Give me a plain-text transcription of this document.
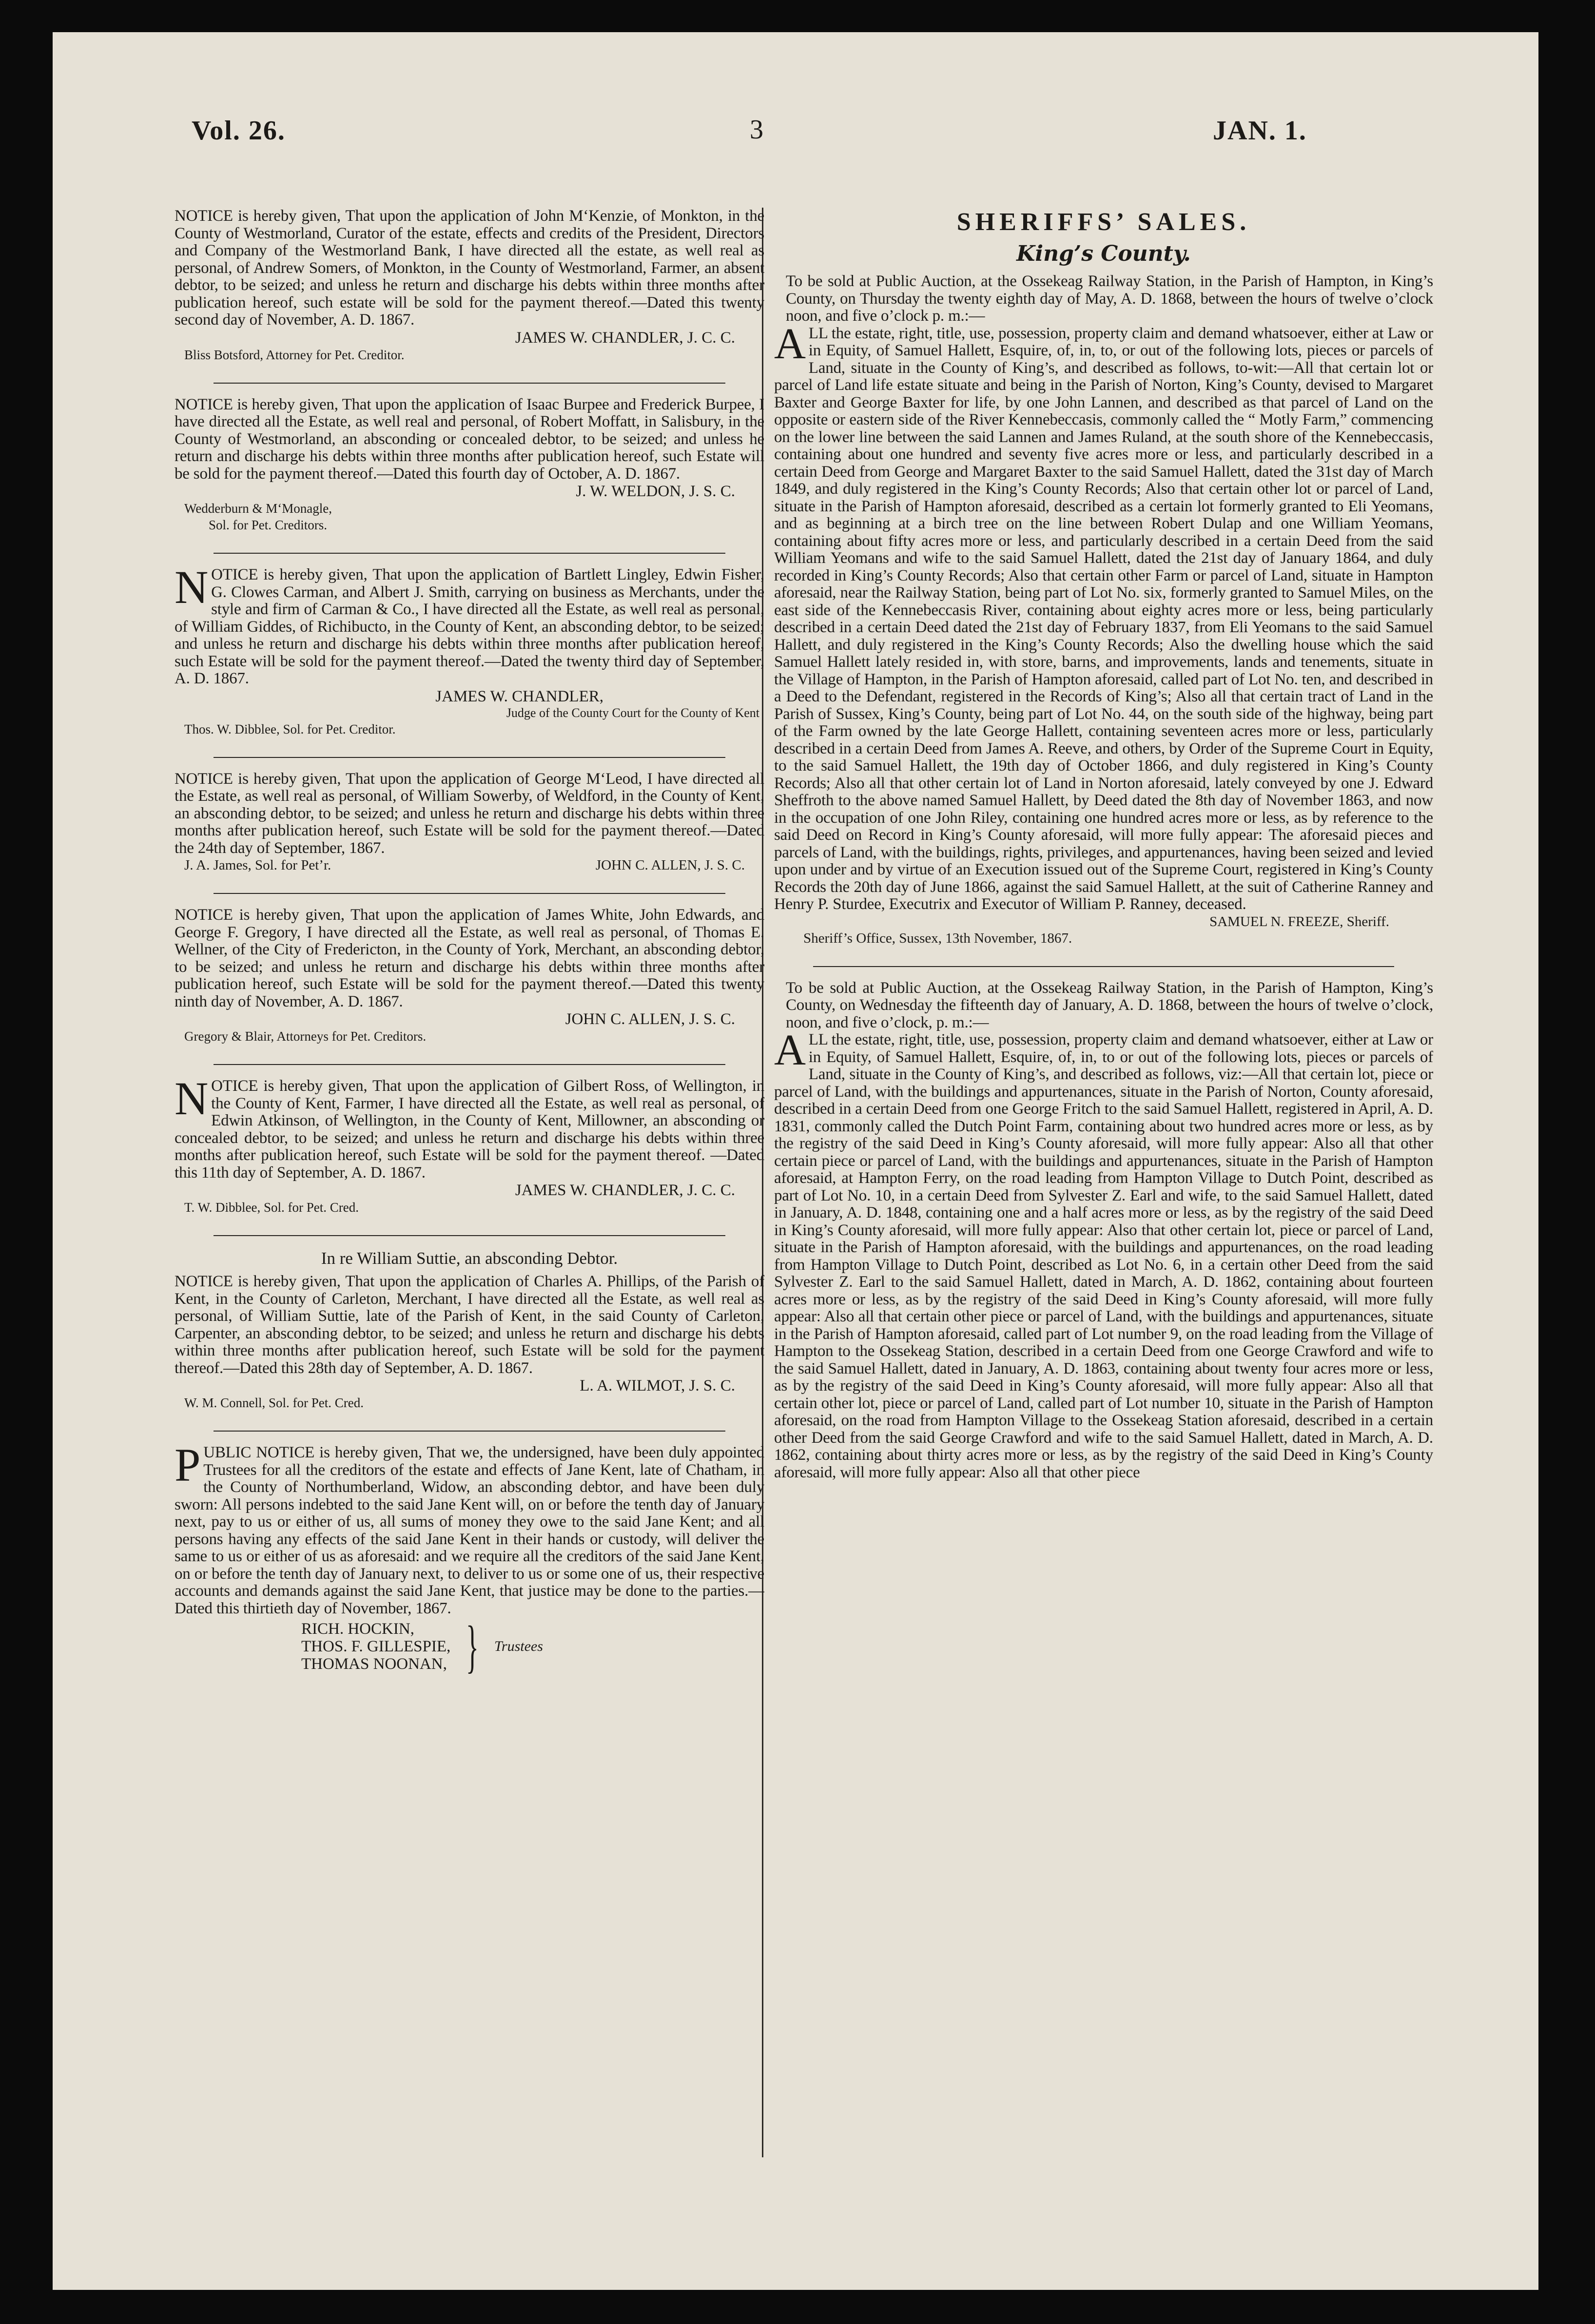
Vol. 26.	3	JAN. 1.

NOTICE is hereby given, That upon the application of John M‘Kenzie, of Monkton, in the County of Westmorland, Curator of the estate, effects and credits of the President, Directors and Company of the Westmorland Bank, I have directed all the estate, as well real as personal, of Andrew Somers, of Monkton, in the County of Westmorland, Farmer, an absent debtor, to be seized; and unless he return and discharge his debts within three months after publication hereof, such estate will be sold for the payment thereof.—Dated this twenty second day of November, A. D. 1867.

JAMES W. CHANDLER, J. C. C.
Bliss Botsford, Attorney for Pet. Creditor.

NOTICE is hereby given, That upon the application of Isaac Burpee and Frederick Burpee, I have directed all the Estate, as well real and personal, of Robert Moffatt, in Salisbury, in the County of Westmorland, an absconding or concealed debtor, to be seized; and unless he return and discharge his debts within three months after publication hereof, such Estate will be sold for the payment thereof.—Dated this fourth day of October, A. D. 1867.

J. W. WELDON, J. S. C.
Wedderburn & M‘Monagle,
Sol. for Pet. Creditors.

NOTICE is hereby given, That upon the application of Bartlett Lingley, Edwin Fisher, G. Clowes Carman, and Albert J. Smith, carrying on business as Merchants, under the style and firm of Carman & Co., I have directed all the Estate, as well real as personal, of William Giddes, of Richibucto, in the County of Kent, an absconding debtor, to be seized; and unless he return and discharge his debts within three months after publication hereof, such Estate will be sold for the payment thereof.—Dated the twenty third day of September, A. D. 1867.

JAMES W. CHANDLER,
Judge of the County Court for the County of Kent
Thos. W. Dibblee, Sol. for Pet. Creditor.

NOTICE is hereby given, That upon the application of George M‘Leod, I have directed all the Estate, as well real as personal, of William Sowerby, of Weldford, in the County of Kent, an absconding debtor, to be seized; and unless he return and discharge his debts within three months after publication hereof, such Estate will be sold for the payment thereof.—Dated the 24th day of September, 1867.

J. A. James, Sol. for Pet’r.	JOHN C. ALLEN, J. S. C.

NOTICE is hereby given, That upon the application of James White, John Edwards, and George F. Gregory, I have directed all the Estate, as well real as personal, of Thomas E. Wellner, of the City of Fredericton, in the County of York, Merchant, an absconding debtor, to be seized; and unless he return and discharge his debts within three months after publication hereof, such Estate will be sold for the payment thereof.—Dated this twenty ninth day of November, A. D. 1867.

JOHN C. ALLEN, J. S. C.
Gregory & Blair, Attorneys for Pet. Creditors.

NOTICE is hereby given, That upon the application of Gilbert Ross, of Wellington, in the County of Kent, Farmer, I have directed all the Estate, as well real as personal, of Edwin Atkinson, of Wellington, in the County of Kent, Millowner, an absconding or concealed debtor, to be seized; and unless he return and discharge his debts within three months after publication hereof, such Estate will be sold for the payment thereof. —Dated this 11th day of September, A. D. 1867.

JAMES W. CHANDLER, J. C. C.
T. W. Dibblee, Sol. for Pet. Cred.
In re William Suttie, an absconding Debtor.

NOTICE is hereby given, That upon the application of Charles A. Phillips, of the Parish of Kent, in the County of Carleton, Merchant, I have directed all the Estate, as well real as personal, of William Suttie, late of the Parish of Kent, in the said County of Carleton, Carpenter, an absconding debtor, to be seized; and unless he return and discharge his debts within three months after publication hereof, such Estate will be sold for the payment thereof.—Dated this 28th day of September, A. D. 1867.

L. A. WILMOT, J. S. C.
W. M. Connell, Sol. for Pet. Cred.

PUBLIC NOTICE is hereby given, That we, the undersigned, have been duly appointed Trustees for all the creditors of the estate and effects of Jane Kent, late of Chatham, in the County of Northumberland, Widow, an absconding debtor, and have been duly sworn: All persons indebted to the said Jane Kent will, on or before the tenth day of January next, pay to us or either of us, all sums of money they owe to the said Jane Kent; and all persons having any effects of the said Jane Kent in their hands or custody, will deliver the same to us or either of us as aforesaid: and we require all the creditors of the said Jane Kent, on or before the tenth day of January next, to deliver to us or some one of us, their respective accounts and demands against the said Jane Kent, that justice may be done to the parties.—Dated this thirtieth day of November, 1867.

RICH. HOCKIN,
THOS. F. GILLESPIE,
THOMAS NOONAN, } Trustees
SHERIFFS’ SALES.
King’s County.

To be sold at Public Auction, at the Ossekeag Railway Station, in the Parish of Hampton, in King’s County, on Thursday the twenty eighth day of May, A. D. 1868, between the hours of twelve o’clock noon, and five o’clock p. m.:—

ALL the estate, right, title, use, possession, property claim and demand whatsoever, either at Law or in Equity, of Samuel Hallett, Esquire, of, in, to, or out of the following lots, pieces or parcels of Land, situate in the County of King’s, and described as follows, to-wit:—All that certain lot or parcel of Land life estate situate and being in the Parish of Norton, King’s County, devised to Margaret Baxter and George Baxter for life, by one John Lannen, and described as that parcel of Land on the opposite or eastern side of the River Kennebeccasis, commonly called the “ Motly Farm,” commencing on the lower line between the said Lannen and James Ruland, at the south shore of the Kennebeccasis, containing about one hundred and seventy five acres more or less, and particularly described in a certain Deed from George and Margaret Baxter to the said Samuel Hallett, dated the 31st day of March 1849, and duly registered in the King’s County Records; Also that certain other lot or parcel of Land, situate in the Parish of Hampton aforesaid, described as a certain lot formerly granted to Eli Yeomans, and as beginning at a birch tree on the line between Robert Dulap and one William Yeomans, containing about fifty acres more or less, and particularly described in a certain Deed from the said William Yeomans and wife to the said Samuel Hallett, dated the 21st day of January 1864, and duly recorded in King’s County Records; Also that certain other Farm or parcel of Land, situate in Hampton aforesaid, near the Railway Station, being part of Lot No. six, formerly granted to Samuel Miles, on the east side of the Kennebeccasis River, containing about eighty acres more or less, being particularly described in a certain Deed dated the 21st day of February 1837, from Eli Yeomans to the said Samuel Hallett, and duly registered in the King’s County Records; Also the dwelling house which the said Samuel Hallett lately resided in, with store, barns, and improvements, lands and tenements, situate in the Village of Hampton, in the Parish of Hampton aforesaid, called part of Lot No. ten, and described in a Deed to the Defendant, registered in the Records of King’s; Also all that certain tract of Land in the Parish of Sussex, King’s County, being part of Lot No. 44, on the south side of the highway, being part of the Farm owned by the late George Hallett, containing seventeen acres more or less, particularly described in a certain Deed from James A. Reeve, and others, by Order of the Supreme Court in Equity, to the said Samuel Hallett, the 19th day of October 1866, and duly registered in King’s County Records; Also all that other certain lot of Land in Norton aforesaid, lately conveyed by one J. Edward Sheffroth to the above named Samuel Hallett, by Deed dated the 8th day of November 1863, and now in the occupation of one John Riley, containing one hundred acres more or less, as by reference to the said Deed on Record in King’s County aforesaid, will more fully appear: The aforesaid pieces and parcels of Land, with the buildings, rights, privileges, and appurtenances, having been seized and levied upon under and by virtue of an Execution issued out of the Supreme Court, registered in King’s County Records the 20th day of June 1866, against the said Samuel Hallett, at the suit of Catherine Ranney and Henry P. Sturdee, Executrix and Executor of William P. Ranney, deceased.

SAMUEL N. FREEZE, Sheriff.
Sheriff’s Office, Sussex, 13th November, 1867.

To be sold at Public Auction, at the Ossekeag Railway Station, in the Parish of Hampton, King’s County, on Wednesday the fifteenth day of January, A. D. 1868, between the hours of twelve o’clock, noon, and five o’clock, p. m.:—

ALL the estate, right, title, use, possession, property claim and demand whatsoever, either at Law or in Equity, of Samuel Hallett, Esquire, of, in, to or out of the following lots, pieces or parcels of Land, situate in the County of King’s, and described as follows, viz:—All that certain lot, piece or parcel of Land, with the buildings and appurtenances, situate in the Parish of Norton, County aforesaid, described in a certain Deed from one George Fritch to the said Samuel Hallett, registered in April, A. D. 1831, commonly called the Dutch Point Farm, containing about two hundred acres more or less, as by the registry of the said Deed in King’s County aforesaid, will more fully appear: Also all that other certain piece or parcel of Land, with the buildings and appurtenances, situate in the Parish of Hampton aforesaid, at Hampton Ferry, on the road leading from Hampton Village to Dutch Point, described as part of Lot No. 10, in a certain Deed from Sylvester Z. Earl and wife, to the said Samuel Hallett, dated in January, A. D. 1848, containing one and a half acres more or less, as by the registry of the said Deed in King’s County aforesaid, will more fully appear: Also that other certain lot, piece or parcel of Land, situate in the Parish of Hampton aforesaid, with the buildings and appurtenances, on the road leading from Hampton Village to Dutch Point, described as Lot No. 6, in a certain other Deed from the said Sylvester Z. Earl to the said Samuel Hallett, dated in March, A. D. 1862, containing about fourteen acres more or less, as by the registry of the said Deed in King’s County aforesaid, will more fully appear: Also all that certain other piece or parcel of Land, with the buildings and appurtenances, situate in the Parish of Hampton aforesaid, called part of Lot number 9, on the road leading from the Village of Hampton to the Ossekeag Station, described in a certain Deed from one George Crawford and wife to the said Samuel Hallett, dated in January, A. D. 1863, containing about twenty four acres more or less, as by the registry of the said Deed in King’s County aforesaid, will more fully appear: Also all that certain other lot, piece or parcel of Land, called part of Lot number 10, situate in the Parish of Hampton aforesaid, on the road from Hampton Village to the Ossekeag Station aforesaid, described in a certain other Deed from the said George Crawford and wife to the said Samuel Hallett, dated in March, A. D. 1862, containing about thirty acres more or less, as by the registry of the said Deed in King’s County aforesaid, will more fully appear: Also all that other piece
